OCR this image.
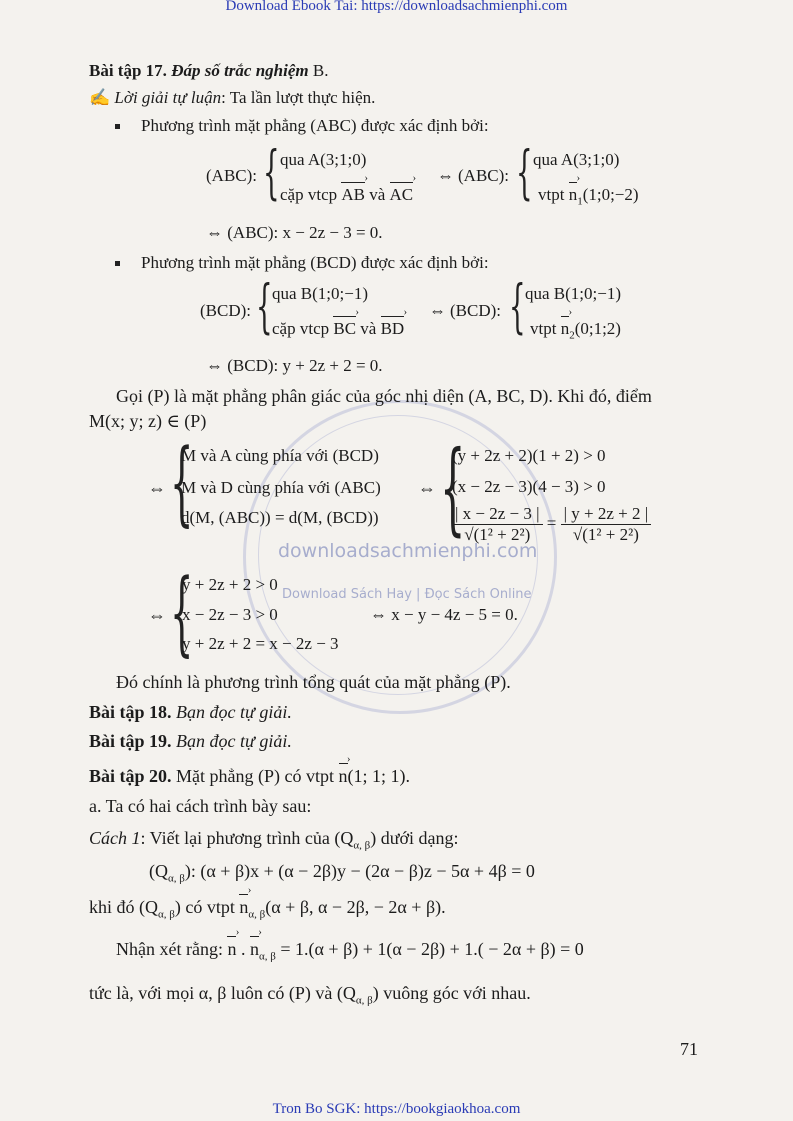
Download Ebook Tai: https://downloadsachmienphi.com
Tron Bo SGK: https://bookgiaokhoa.com
downloadsachmienphi.com
Download Sách Hay | Đọc Sách Online
Bài tập 17. Đáp số trắc nghiệm B.
✍ Lời giải tự luận: Ta lần lượt thực hiện.
Phương trình mặt phẳng (ABC) được xác định bởi:
(ABC): { qua A(3;1;0)
cặp vtcp AB › và AC ›
⇔ (ABC): { qua A(3;1;0)
vtpt n $›_1(1;0;-2)$
⇔ (ABC): x − 2z − 3 = 0.
Phương trình mặt phẳng (BCD) được xác định bởi:
(BCD): { qua B(1;0;−1)
cặp vtcp BC › và BD ›
⇔ (BCD): { qua B(1;0;−1)
vtpt n $›_2(0;1;2)$
⇔ (BCD): y + 2z + 2 = 0.
Gọi (P) là mặt phẳng phân giác của góc nhị diện (A, BC, D). Khi đó, điểm
M(x; y; z) ∈ (P)
⇔ {
M và A cùng phía với (BCD)
M và D cùng phía với (ABC)
d(M, (ABC)) = d(M, (BCD))
⇔ {
(y + 2z + 2)(1 + 2) > 0
(x − 2z − 3)(4 − 3) > 0
$\frac{| x - 2z - 3 |}{\text{√(1² + 2²)}} = \frac{| y + 2z + 2 |}{\text{√(1² + 2²)}}$
⇔ {
y + 2z + 2 > 0
x − 2z − 3 > 0
y + 2z + 2 = x − 2z − 3
⇔ x − y − 4z − 5 = 0.
Đó chính là phương trình tổng quát của mặt phẳng (P).
Bài tập 18. Bạn đọc tự giải.
Bài tập 19. Bạn đọc tự giải.
Bài tập 20. Mặt phẳng (P) có vtpt n ›(1; 1; 1).
a. Ta có hai cách trình bày sau:
Cách 1: Viết lại phương trình của $(Q_{\alpha, \beta})$ dưới dạng:
$(Q_{\alpha, \beta})$: (α + β)x + (α − 2β)y − (2α − β)z − 5α + 4β = 0
khi đó $(Q_{\alpha, \beta})$ có vtpt n $›_{\alpha, \beta}(\alpha + \beta$, α − 2β, − 2α + β).
Nhận xét rằng: n › . n $›_{\alpha, \beta} = 1.(\alpha + \beta) + 1(\alpha - 2\beta) + 1.( - 2\alpha + \beta) = 0$
tức là, với mọi α, β luôn có (P) và $(Q_{\alpha, \beta})$ vuông góc với nhau.
71
